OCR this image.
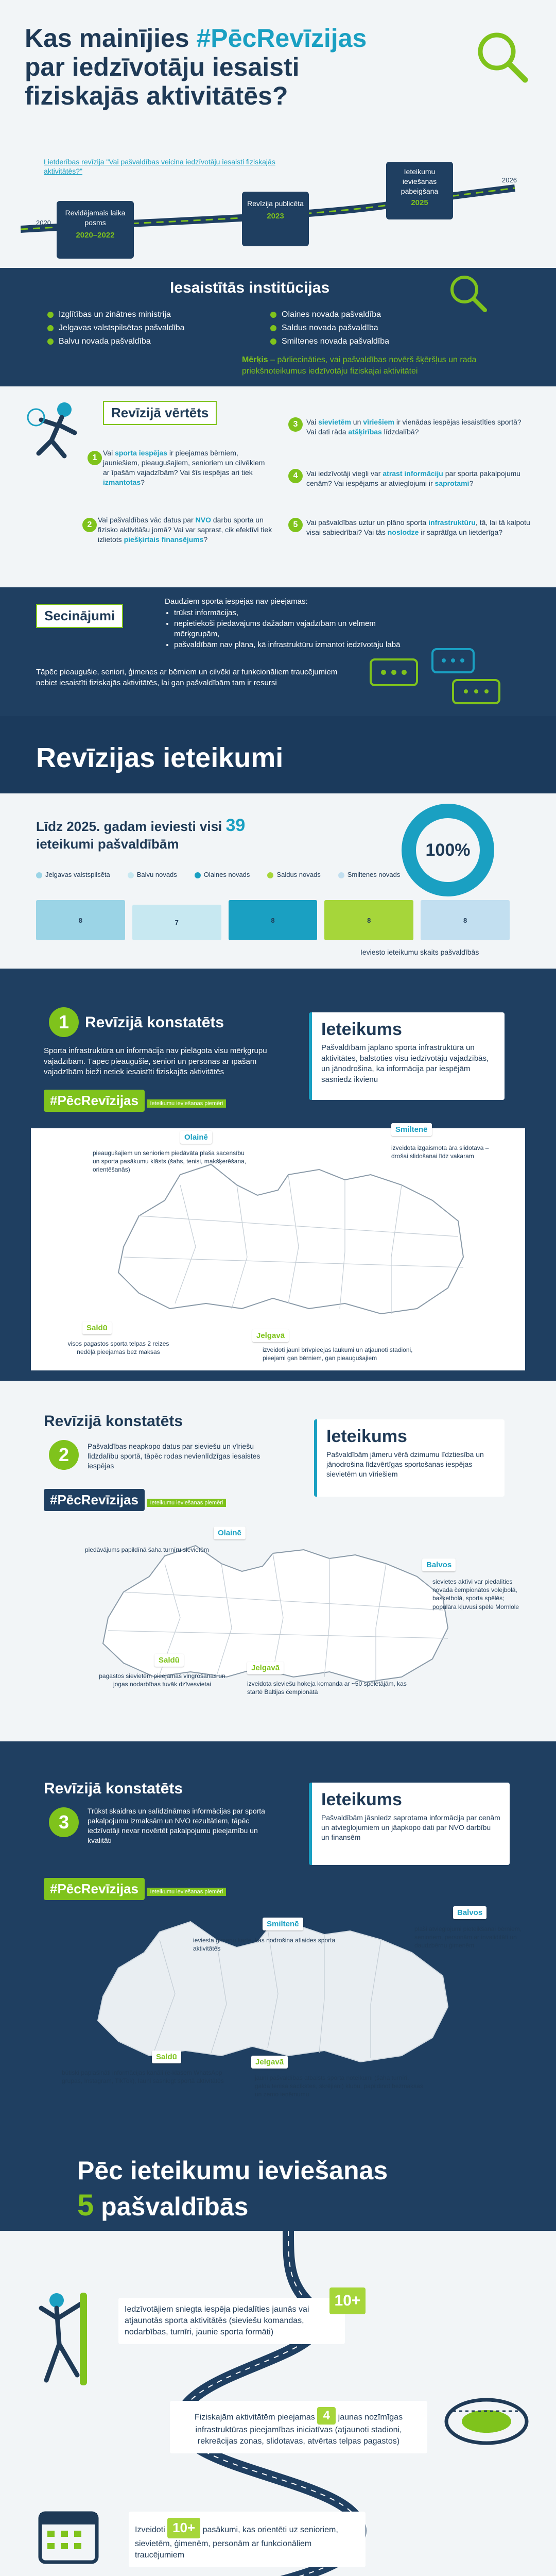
Kas mainījies #PēcRevīzijas
par iedzīvotāju iesaisti
fiziskajās aktivitātēs?
Lietderības revīzija "Vai pašvaldības veicina iedzīvotāju iesaisti fiziskajās aktivitātēs?"
2020
2026
Revidējamais laika posms
2020–2022
Revīzija publicēta
2023
Ieteikumu ieviešanas pabeigšana
2025
Iesaistītās institūcijas
Izglītības un zinātnes ministrija
Jelgavas valstspilsētas pašvaldība
Balvu novada pašvaldība
Olaines novada pašvaldība
Saldus novada pašvaldība
Smiltenes novada pašvaldība
Mērķis – pārliecināties, vai pašvaldības novērš šķēršļus un rada priekšnoteikumus iedzīvotāju fiziskajai aktivitātei
Revīzijā vērtēts
1
Vai sporta iespējas ir pieejamas bērniem, jauniešiem, pieaugušajiem, senioriem un cilvēkiem ar īpašām vajadzībām? Vai šīs iespējas ari tiek izmantotas?
2
Vai pašvaldības vāc datus par NVO darbu sporta un fizisko aktivitāšu jomā? Vai var saprast, cik efektīvi tiek izlietots piešķirtais finansējums?
3	Vai sievietēm un vīriešiem ir vienādas iespējas iesaistīties sportā? Vai dati rāda atšķirības līdzdalībā?
4	Vai iedzīvotāji viegli var atrast informāciju par sporta pakalpojumu cenām? Vai iespējams ar atvieglojumi ir saprotami?
5	Vai pašvaldības uztur un plāno sporta infrastruktūru, tā, lai tā kalpotu visai sabiedrībai? Vai tās noslodze ir saprātīga un lietderīga?
Secinājumi
Daudziem sporta iespējas nav pieejamas:
• trūkst informācijas,
• nepietiekoši piedāvājums dažādām vajadzībām un vēlmēm mērķgrupām,
• pašvaldībām nav plāna, kā infrastruktūru izmantot iedzīvotāju labā
Tāpēc pieaugušie, seniori, ģimenes ar bērniem un cilvēki ar funkcionāliem traucējumiem nebiet iesaistīti fiziskajās aktivitātēs, lai gan pašvaldībām tam ir resursi
Revīzijas ieteikumi
Līdz 2025. gadam ieviesti visi 39 ieteikumi pašvaldībām	100%
Jelgavas valstspilsēta	Balvu novads	Olaines novads	Saldus novads	Smiltenes novads
8	7	8	8	8
Ieviesto ieteikumu skaits pašvaldībās
1	Revīzijā konstatēts
Sporta infrastruktūra un informācija nav pielāgota visu mērķgrupu vajadzībām. Tāpēc pieaugušie, seniori un personas ar īpašām vajadzībām bieži netiek iesaistīti fiziskajās aktivitātēs
Ieteikums
Pašvaldībām jāplāno sporta infrastruktūra un aktivitātes, balstoties visu iedzīvotāju vajadzībās, un jānodrošina, ka informācija par iespējām sasniedz ikvienu
#PēcRevīzijas Ieteikumu ieviešanas piemēri
Olainē
pieaugušajiem un senioriem piedāvāta plaša sacensību un sporta pasākumu klāsts (šahs, tenisi, makšķerēšana, orientēšanās)
Smiltenē
izveidota izgaismota āra slidotava – drošai slidošanai līdz vakaram
Saldū
visos pagastos sporta telpas 2 reizes nedēļā pieejamas bez maksas
Jelgavā
izveidoti jauni brīvpieejas laukumi un atjaunoti stadioni, pieejami gan bērniem, gan pieaugušajiem
Revīzijā konstatēts
2	Pašvaldības neapkopo datus par sieviešu un vīriešu līdzdalību sportā, tāpēc rodas nevienlīdzīgas iesaistes iespējas
Ieteikums
Pašvaldībām jāmeru vērā dzimumu līdztiesība un jānodrošina līdzvērtīgas sportošanas iespējas sievietēm un vīriešiem
#PēcRevīzijas Ieteikumu ieviešanas piemēri
Olainē
piedāvājums papildīnā šaha turnīru sievietēm
Balvos
sievietes aktīvi var piedalīties novada čempionātos volejbolā, basketbolā, sporta spēlēs; populāra kļuvusi spēle Mornlole
Saldū
pagastos sievietēm pieejamas vingrošanas un jogas nodarbības tuvāk dzīvesvietai
Jelgavā
izveidota sieviešu hokeja komanda ar ~50 spēlētājām, kas startē Baltijas čempionātā
Revīzijā konstatēts
3
Trūkst skaidras un salīdzināmas informācijas par sporta pakalpojumu izmaksām un NVO rezultātiem, tāpēc iedzīvotāji nevar novērtēt pakalpojumu pieejamību un kvalitāti
Ieteikums
Pašvaldībām jāsniedz saprotama informācija par cenām un atvieglojumiem un jāapkopo dati par NVO darbību un finansēm
#PēcRevīzijas Ieteikumu ieviešanas piemēri
Smiltenē
ieviesta ģimeņu karte, kas nodrošina atlaides sporta aktivitātēs
Balvos
plaši atvieglojumi pieteikšanai bērniem, senioriem, personām ar invaliditāti un daudzbērnu ģimenēm
Saldū
būtiski paplašināti informācijas kanāli (e-klasem WhatsApp grupas, Instagram, TikTok), lauņi sasniegt sportā aktivitātēs
Jelgavā
jauni pašvaldības atbalsts sporta noteikumi (šaha turnīri, galda tenisa sacīkstes, skrējieni) klubu, papildinot bezmaksas un zemo ieņēmumu
Pēc ieteikumu ieviešanas
5 pašvaldībās
Iedzīvotājiem sniegta iespēja piedalīties jaunās vai atjaunotās sporta aktivitātēs (sieviešu komandas, nodarbības, turnīri, jaunie sporta formāti)
10+
Fiziskajām aktivitātēm pieejamas 4 jaunas nozīmīgas infrastruktūras pieejamības iniciatīvas (atjaunoti stadioni, rekreācijas zonas, slidotavas, atvērtas telpas pagastos)
Izveidoti 10+ pasākumi, kas orientēti uz senioriem, sievietēm, ģimenēm, personām ar funkcionāliem traucējumiem
